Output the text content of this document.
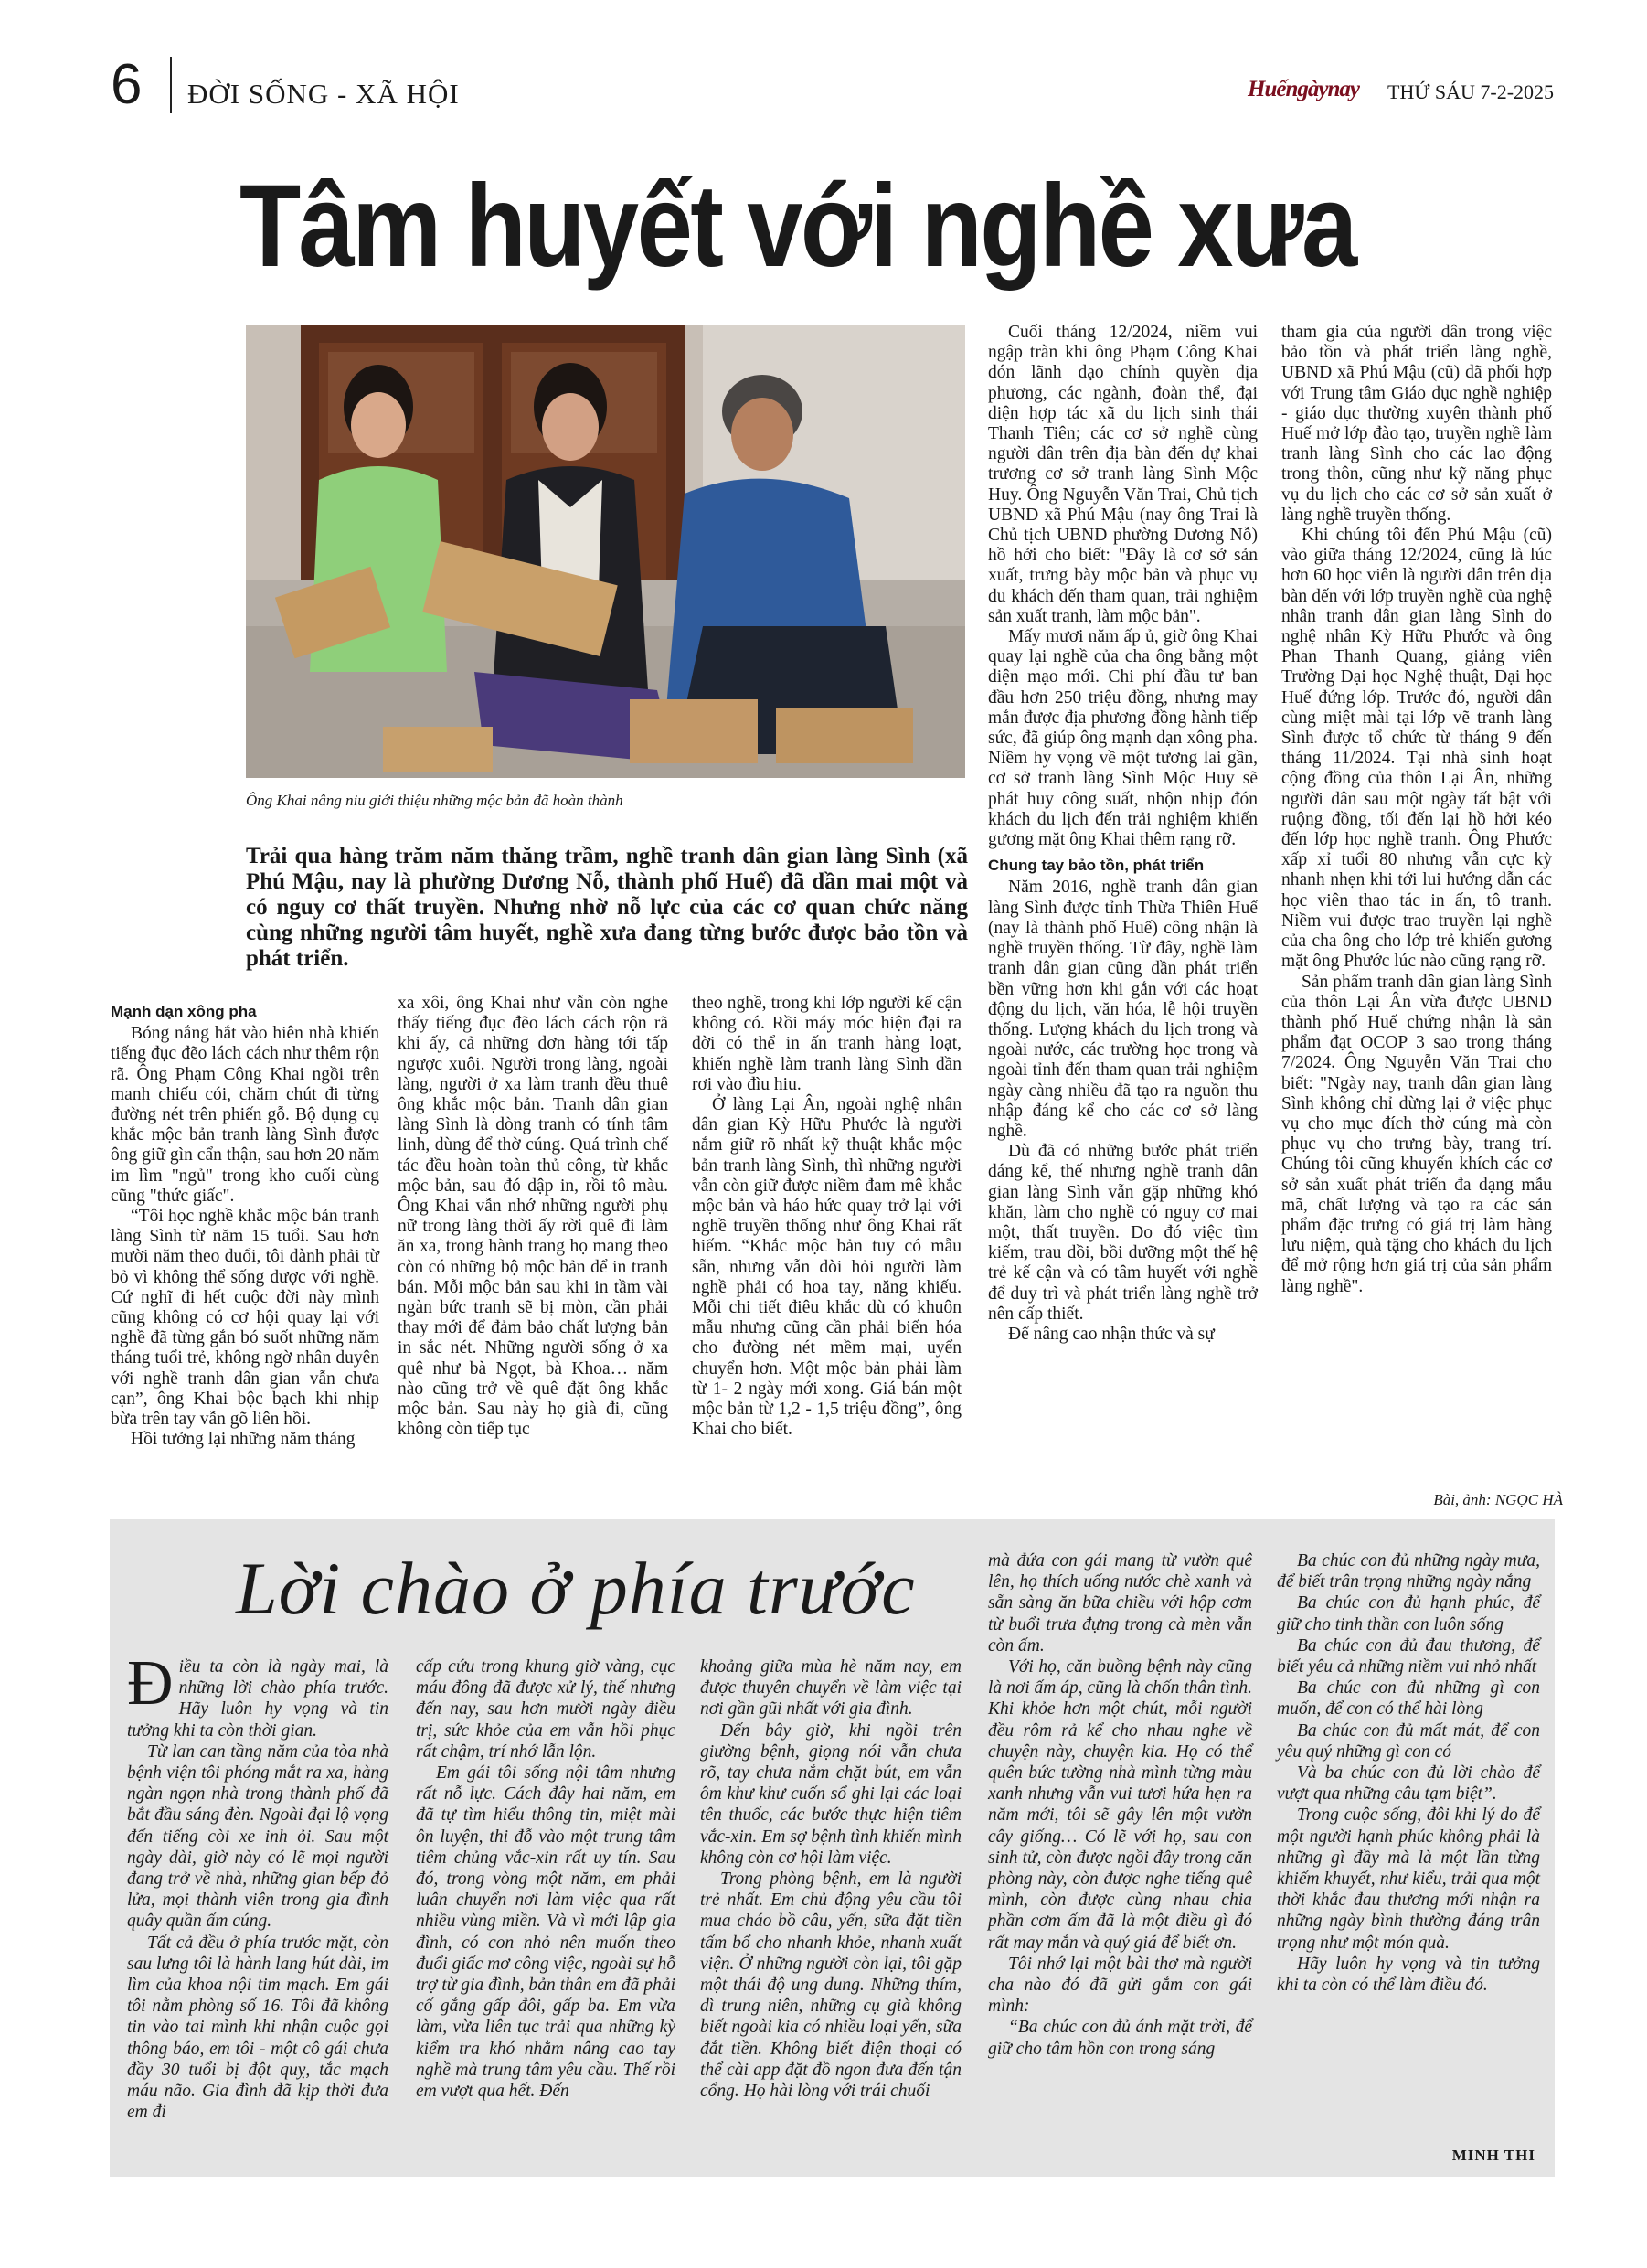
6 ĐỜI SỐNG - XÃ HỘI	Huếngàynay THỨ SÁU 7-2-2025
Tâm huyết với nghề xưa
Ông Khai nâng niu giới thiệu những mộc bản đã hoàn thành
Trải qua hàng trăm năm thăng trầm, nghề tranh dân gian làng Sình (xã Phú Mậu, nay là phường Dương Nỗ, thành phố Huế) đã dần mai một và có nguy cơ thất truyền. Nhưng nhờ nỗ lực của các cơ quan chức năng cùng những người tâm huyết, nghề xưa đang từng bước được bảo tồn và phát triển.

Mạnh dạn xông pha

Bóng nắng hắt vào hiên nhà khiến tiếng đục đẽo lách cách như thêm rộn rã. Ông Phạm Công Khai ngồi trên manh chiếu cói, chăm chút đi từng đường nét trên phiến gỗ. Bộ dụng cụ khắc mộc bản tranh làng Sình được ông giữ gìn cẩn thận, sau hơn 20 năm im lìm "ngủ" trong kho cuối cùng cũng "thức giấc".

“Tôi học nghề khắc mộc bản tranh làng Sình từ năm 15 tuổi. Sau hơn mười năm theo đuổi, tôi đành phải từ bỏ vì không thể sống được với nghề. Cứ nghĩ đi hết cuộc đời này mình cũng không có cơ hội quay lại với nghề đã từng gắn bó suốt những năm tháng tuổi trẻ, không ngờ nhân duyên với nghề tranh dân gian vẫn chưa cạn”, ông Khai bộc bạch khi nhịp bừa trên tay vẫn gõ liên hồi.

Hồi tưởng lại những năm tháng

xa xôi, ông Khai như vẫn còn nghe thấy tiếng đục đẽo lách cách rộn rã khi ấy, cả những đơn hàng tới tấp ngược xuôi. Người trong làng, ngoài làng, người ở xa làm tranh đều thuê ông khắc mộc bản. Tranh dân gian làng Sình là dòng tranh có tính tâm linh, dùng để thờ cúng. Quá trình chế tác đều hoàn toàn thủ công, từ khắc mộc bản, sau đó dập in, rồi tô màu. Ông Khai vẫn nhớ những người phụ nữ trong làng thời ấy rời quê đi làm ăn xa, trong hành trang họ mang theo còn có những bộ mộc bản để in tranh bán. Mỗi mộc bản sau khi in tầm vài ngàn bức tranh sẽ bị mòn, cần phải thay mới để đảm bảo chất lượng bản in sắc nét. Những người sống ở xa quê như bà Ngọt, bà Khoa… năm nào cũng trở về quê đặt ông khắc mộc bản. Sau này họ già đi, cũng không còn tiếp tục

theo nghề, trong khi lớp người kế cận không có. Rồi máy móc hiện đại ra đời có thể in ấn tranh hàng loạt, khiến nghề làm tranh làng Sình dần rơi vào đìu hiu.

Ở làng Lại Ân, ngoài nghệ nhân dân gian Kỳ Hữu Phước là người nắm giữ rõ nhất kỹ thuật khắc mộc bản tranh làng Sình, thì những người vẫn còn giữ được niềm đam mê khắc mộc bản và háo hức quay trở lại với nghề truyền thống như ông Khai rất hiếm. “Khắc mộc bản tuy có mẫu sẵn, nhưng vẫn đòi hỏi người làm nghề phải có hoa tay, năng khiếu. Mỗi chi tiết điêu khắc dù có khuôn mẫu nhưng cũng cần phải biến hóa cho đường nét mềm mại, uyển chuyển hơn. Một mộc bản phải làm từ 1- 2 ngày mới xong. Giá bán một mộc bản từ 1,2 - 1,5 triệu đồng”, ông Khai cho biết.

Cuối tháng 12/2024, niềm vui ngập tràn khi ông Phạm Công Khai đón lãnh đạo chính quyền địa phương, các ngành, đoàn thể, đại diện hợp tác xã du lịch sinh thái Thanh Tiên; các cơ sở nghề cùng người dân trên địa bàn đến dự khai trương cơ sở tranh làng Sình Mộc Huy. Ông Nguyễn Văn Trai, Chủ tịch UBND xã Phú Mậu (nay ông Trai là Chủ tịch UBND phường Dương Nỗ) hồ hởi cho biết: "Đây là cơ sở sản xuất, trưng bày mộc bản và phục vụ du khách đến tham quan, trải nghiệm sản xuất tranh, làm mộc bản".

Mấy mươi năm ấp ủ, giờ ông Khai quay lại nghề của cha ông bằng một diện mạo mới. Chi phí đầu tư ban đầu hơn 250 triệu đồng, nhưng may mắn được địa phương đồng hành tiếp sức, đã giúp ông mạnh dạn xông pha. Niềm hy vọng về một tương lai gần, cơ sở tranh làng Sình Mộc Huy sẽ phát huy công suất, nhộn nhịp đón khách du lịch đến trải nghiệm khiến gương mặt ông Khai thêm rạng rỡ.

Chung tay bảo tồn, phát triển

Năm 2016, nghề tranh dân gian làng Sình được tỉnh Thừa Thiên Huế (nay là thành phố Huế) công nhận là nghề truyền thống. Từ đây, nghề làm tranh dân gian cũng dần phát triển bền vững hơn khi gắn với các hoạt động du lịch, văn hóa, lễ hội truyền thống. Lượng khách du lịch trong và ngoài nước, các trường học trong và ngoài tỉnh đến tham quan trải nghiệm ngày càng nhiều đã tạo ra nguồn thu nhập đáng kể cho các cơ sở làng nghề.

Dù đã có những bước phát triển đáng kể, thế nhưng nghề tranh dân gian làng Sình vẫn gặp những khó khăn, làm cho nghề có nguy cơ mai một, thất truyền. Do đó việc tìm kiếm, trau dồi, bồi dưỡng một thế hệ trẻ kế cận và có tâm huyết với nghề để duy trì và phát triển làng nghề trở nên cấp thiết.

Để nâng cao nhận thức và sự

tham gia của người dân trong việc bảo tồn và phát triển làng nghề, UBND xã Phú Mậu (cũ) đã phối hợp với Trung tâm Giáo dục nghề nghiệp - giáo dục thường xuyên thành phố Huế mở lớp đào tạo, truyền nghề làm tranh làng Sình cho các lao động trong thôn, cũng như kỹ năng phục vụ du lịch cho các cơ sở sản xuất ở làng nghề truyền thống.

Khi chúng tôi đến Phú Mậu (cũ) vào giữa tháng 12/2024, cũng là lúc hơn 60 học viên là người dân trên địa bàn đến với lớp truyền nghề của nghệ nhân tranh dân gian làng Sình do nghệ nhân Kỳ Hữu Phước và ông Phan Thanh Quang, giảng viên Trường Đại học Nghệ thuật, Đại học Huế đứng lớp. Trước đó, người dân cùng miệt mài tại lớp vẽ tranh làng Sình được tổ chức từ tháng 9 đến tháng 11/2024. Tại nhà sinh hoạt cộng đồng của thôn Lại Ân, những người dân sau một ngày tất bật với ruộng đồng, tối đến lại hồ hởi kéo đến lớp học nghề tranh. Ông Phước xấp xỉ tuổi 80 nhưng vẫn cực kỳ nhanh nhẹn khi tới lui hướng dẫn các học viên thao tác in ấn, tô tranh. Niềm vui được trao truyền lại nghề của cha ông cho lớp trẻ khiến gương mặt ông Phước lúc nào cũng rạng rỡ.

Sản phẩm tranh dân gian làng Sình của thôn Lại Ân vừa được UBND thành phố Huế chứng nhận là sản phẩm đạt OCOP 3 sao trong tháng 7/2024. Ông Nguyễn Văn Trai cho biết: "Ngày nay, tranh dân gian làng Sình không chỉ dừng lại ở việc phục vụ cho mục đích thờ cúng mà còn phục vụ cho trưng bày, trang trí. Chúng tôi cũng khuyến khích các cơ sở sản xuất phát triển đa dạng mẫu mã, chất lượng và tạo ra các sản phẩm đặc trưng có giá trị làm hàng lưu niệm, quà tặng cho khách du lịch để mở rộng hơn giá trị của sản phẩm làng nghề".

Bài, ảnh: NGỌC HÀ
Lời chào ở phía trước

Điều ta còn là ngày mai, là những lời chào phía trước. Hãy luôn hy vọng và tin tưởng khi ta còn thời gian.

Từ lan can tầng năm của tòa nhà bệnh viện tôi phóng mắt ra xa, hàng ngàn ngọn nhà trong thành phố đã bắt đầu sáng đèn. Ngoài đại lộ vọng đến tiếng còi xe inh ỏi. Sau một ngày dài, giờ này có lẽ mọi người đang trở về nhà, những gian bếp đỏ lửa, mọi thành viên trong gia đình quây quần ấm cúng.

Tất cả đều ở phía trước mặt, còn sau lưng tôi là hành lang hút dài, im lìm của khoa nội tim mạch. Em gái tôi nằm phòng số 16. Tôi đã không tin vào tai mình khi nhận cuộc gọi thông báo, em tôi - một cô gái chưa đầy 30 tuổi bị đột quỵ, tắc mạch máu não. Gia đình đã kịp thời đưa em đi

cấp cứu trong khung giờ vàng, cục máu đông đã được xử lý, thế nhưng đến nay, sau hơn mười ngày điều trị, sức khỏe của em vẫn hồi phục rất chậm, trí nhớ lẫn lộn.

Em gái tôi sống nội tâm nhưng rất nỗ lực. Cách đây hai năm, em đã tự tìm hiểu thông tin, miệt mài ôn luyện, thi đỗ vào một trung tâm tiêm chủng vắc-xin rất uy tín. Sau đó, trong vòng một năm, em phải luân chuyển nơi làm việc qua rất nhiều vùng miền. Và vì mới lập gia đình, có con nhỏ nên muốn theo đuổi giấc mơ công việc, ngoài sự hỗ trợ từ gia đình, bản thân em đã phải cố gắng gấp đôi, gấp ba. Em vừa làm, vừa liên tục trải qua những kỳ kiểm tra khó nhằm nâng cao tay nghề mà trung tâm yêu cầu. Thế rồi em vượt qua hết. Đến

khoảng giữa mùa hè năm nay, em được thuyên chuyển về làm việc tại nơi gần gũi nhất với gia đình.

Đến bây giờ, khi ngồi trên giường bệnh, giọng nói vẫn chưa rõ, tay chưa nắm chặt bút, em vẫn ôm khư khư cuốn sổ ghi lại các loại tên thuốc, các bước thực hiện tiêm vắc-xin. Em sợ bệnh tình khiến mình không còn cơ hội làm việc.

Trong phòng bệnh, em là người trẻ nhất. Em chủ động yêu cầu tôi mua cháo bồ câu, yến, sữa đặt tiền tấm bổ cho nhanh khỏe, nhanh xuất viện. Ở những người còn lại, tôi gặp một thái độ ung dung. Những thím, dì trung niên, những cụ già không biết ngoài kia có nhiều loại yến, sữa đắt tiền. Không biết điện thoại có thể cài app đặt đồ ngon đưa đến tận cổng. Họ hài lòng với trái chuối

mà đứa con gái mang từ vườn quê lên, họ thích uống nước chè xanh và sẵn sàng ăn bữa chiều với hộp cơm từ buổi trưa đựng trong cà mèn vẫn còn ấm.

Với họ, căn buồng bệnh này cũng là nơi ấm áp, cũng là chốn thân tình. Khi khỏe hơn một chút, mỗi người đều rôm rả kể cho nhau nghe về chuyện này, chuyện kia. Họ có thể quên bức tường nhà mình từng màu xanh nhưng vẫn vui tươi hứa hẹn ra năm mới, tôi sẽ gây lên một vườn cây giống… Có lẽ với họ, sau con sinh tử, còn được ngồi đây trong căn phòng này, còn được nghe tiếng quê mình, còn được cùng nhau chia phần cơm ấm đã là một điều gì đó rất may mắn và quý giá để biết ơn.

Tôi nhớ lại một bài thơ mà người cha nào đó đã gửi gắm con gái mình:

“Ba chúc con đủ ánh mặt trời, để giữ cho tâm hồn con trong sáng

Ba chúc con đủ những ngày mưa, để biết trân trọng những ngày nắng

Ba chúc con đủ hạnh phúc, để giữ cho tinh thần con luôn sống

Ba chúc con đủ đau thương, để biết yêu cả những niềm vui nhỏ nhất

Ba chúc con đủ những gì con muốn, để con có thể hài lòng

Ba chúc con đủ mất mát, để con yêu quý những gì con có

Và ba chúc con đủ lời chào để vượt qua những câu tạm biệt”.

Trong cuộc sống, đôi khi lý do để một người hạnh phúc không phải là những gì đầy mà là một lần từng khiếm khuyết, như kiểu, trải qua một thời khắc đau thương mới nhận ra những ngày bình thường đáng trân trọng như một món quà.

Hãy luôn hy vọng và tin tưởng khi ta còn có thể làm điều đó.

MINH THI
